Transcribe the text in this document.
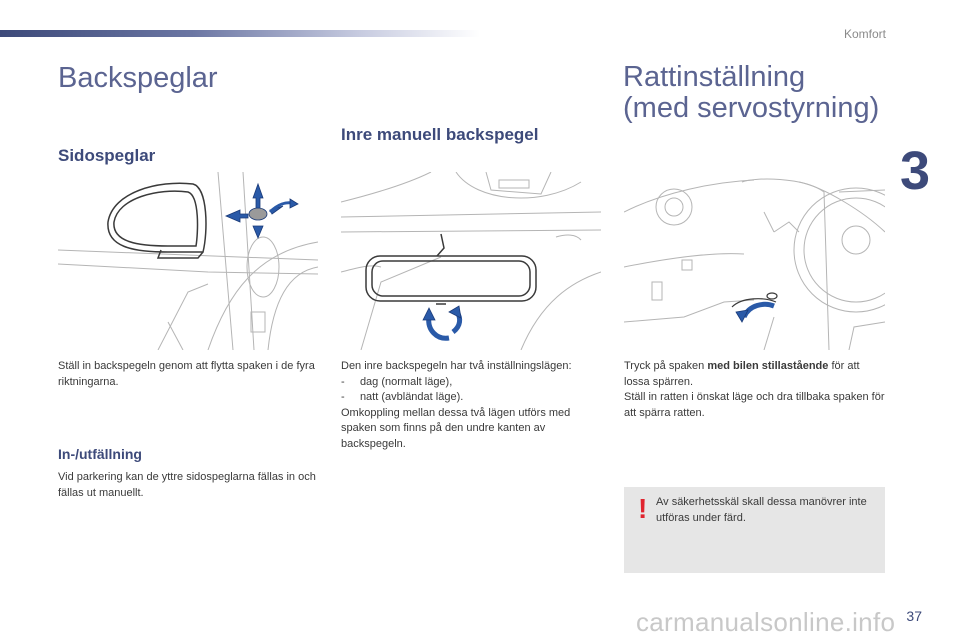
Komfort
3
Backspeglar
Sidospeglar
Ställ in backspegeln genom att flytta spaken i de fyra riktningarna.
In-/utfällning
Vid parkering kan de yttre sidospeglarna fällas in och fällas ut manuellt.
Inre manuell backspegel
Den inre backspegeln har två inställningslägen:
-     dag (normalt läge),
-     natt (avbländat läge).
Omkoppling mellan dessa två lägen utförs med spaken som finns på den undre kanten av backspegeln.
Rattinställning
(med servostyrning)
Tryck på spaken med bilen stillastående för att lossa spärren.
Ställ in ratten i önskat läge och dra tillbaka spaken för att spärra ratten.
! Av säkerhetsskäl skall dessa manövrer inte utföras under färd.
carmanualsonline.info 37
